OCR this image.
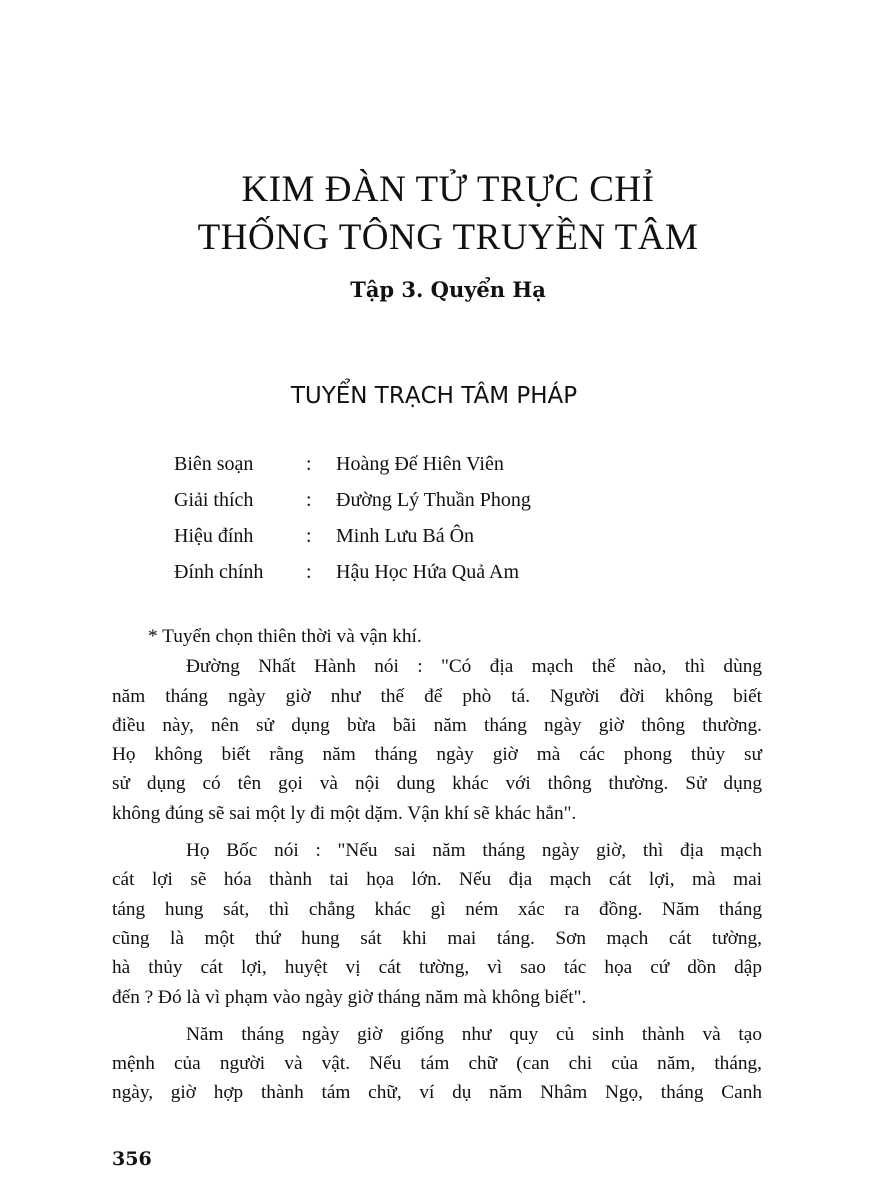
KIM ĐÀN TỬ TRỰC CHỈ
THỐNG TÔNG TRUYỀN TÂM
Tập 3. Quyển Hạ
TUYỂN TRẠCH TÂM PHÁP
Biên soạn	: Hoàng Đế Hiên Viên
Giải thích	: Đường Lý Thuần Phong
Hiệu đính	: Minh Lưu Bá Ôn
Đính chính : Hậu Học Hứa Quả Am

* Tuyển chọn thiên thời và vận khí.

Đường Nhất Hành nói : "Có địa mạch thế nào, thì dùng
năm tháng ngày giờ như thế để phò tá. Người đời không biết
điều này, nên sử dụng bừa bãi năm tháng ngày giờ thông thường.
Họ không biết rằng năm tháng ngày giờ mà các phong thủy sư
sử dụng có tên gọi và nội dung khác với thông thường. Sử dụng
không đúng sẽ sai một ly đi một dặm. Vận khí sẽ khác hẳn".

Họ Bốc nói : "Nếu sai năm tháng ngày giờ, thì địa mạch
cát lợi sẽ hóa thành tai họa lớn. Nếu địa mạch cát lợi, mà mai
táng hung sát, thì chẳng khác gì ném xác ra đồng. Năm tháng
cũng là một thứ hung sát khi mai táng. Sơn mạch cát tường,
hà thủy cát lợi, huyệt vị cát tường, vì sao tác họa cứ dồn dập
đến ? Đó là vì phạm vào ngày giờ tháng năm mà không biết".

Năm tháng ngày giờ giống như quy củ sinh thành và tạo
mệnh của người và vật. Nếu tám chữ (can chi của năm, tháng,
ngày, giờ hợp thành tám chữ, ví dụ năm Nhâm Ngọ, tháng Canh

356
